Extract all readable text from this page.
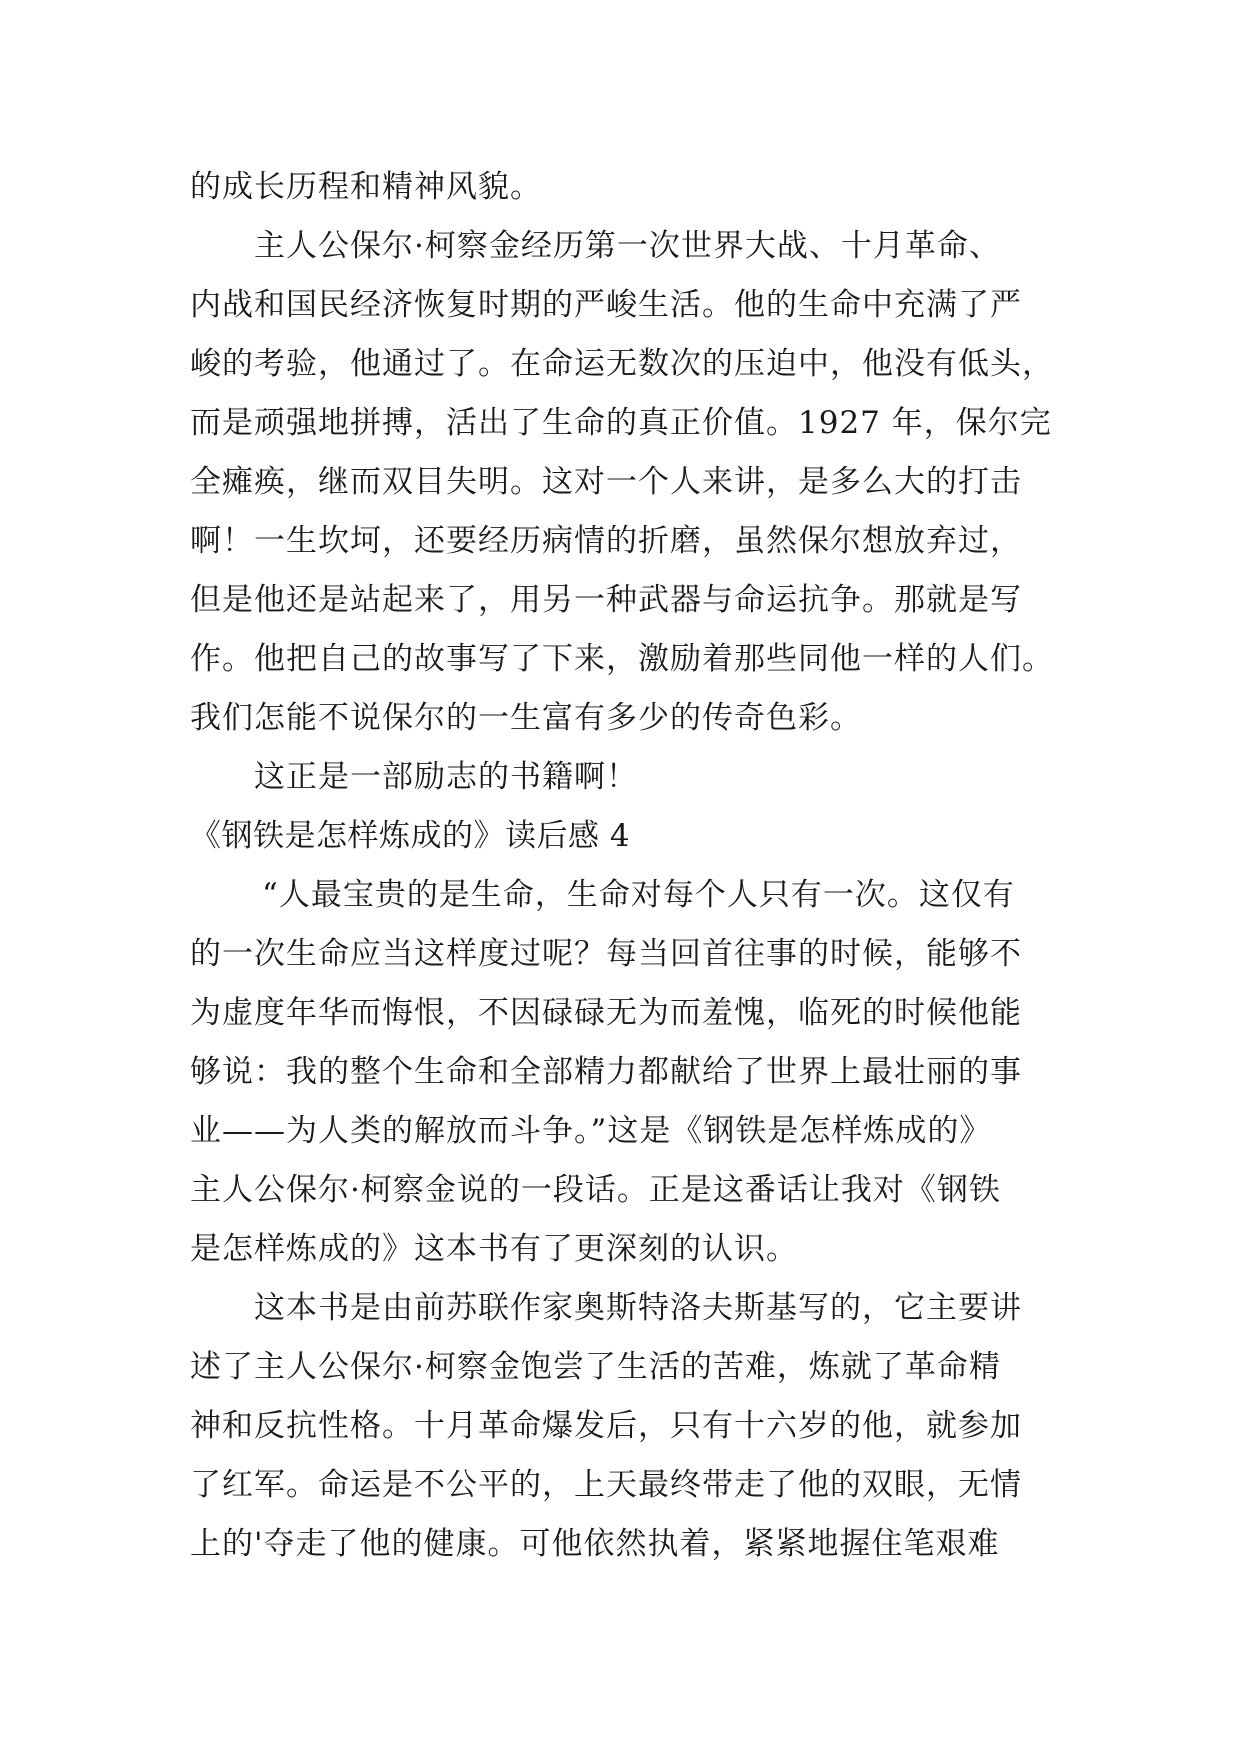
的成长历程和精神风貌。
主人公保尔·柯察金经历第一次世界大战、十月革命、
内战和国民经济恢复时期的严峻生活。他的生命中充满了严
峻的考验，他通过了。在命运无数次的压迫中，他没有低头，
而是顽强地拼搏，活出了生命的真正价值。1927 年，保尔完
全瘫痪，继而双目失明。这对一个人来讲，是多么大的打击
啊！一生坎坷，还要经历病情的折磨，虽然保尔想放弃过，
但是他还是站起来了，用另一种武器与命运抗争。那就是写
作。他把自己的故事写了下来，激励着那些同他一样的人们。
我们怎能不说保尔的一生富有多少的传奇色彩。
这正是一部励志的书籍啊！
《钢铁是怎样炼成的》读后感 4
“人最宝贵的是生命，生命对每个人只有一次。这仅有
的一次生命应当这样度过呢？每当回首往事的时候，能够不
为虚度年华而悔恨，不因碌碌无为而羞愧，临死的时候他能
够说：我的整个生命和全部精力都献给了世界上最壮丽的事
业——为人类的解放而斗争。”这是《钢铁是怎样炼成的》
主人公保尔·柯察金说的一段话。正是这番话让我对《钢铁
是怎样炼成的》这本书有了更深刻的认识。
这本书是由前苏联作家奥斯特洛夫斯基写的，它主要讲
述了主人公保尔·柯察金饱尝了生活的苦难，炼就了革命精
神和反抗性格。十月革命爆发后，只有十六岁的他，就参加
了红军。命运是不公平的，上天最终带走了他的双眼，无情
上的'夺走了他的健康。可他依然执着，紧紧地握住笔艰难
